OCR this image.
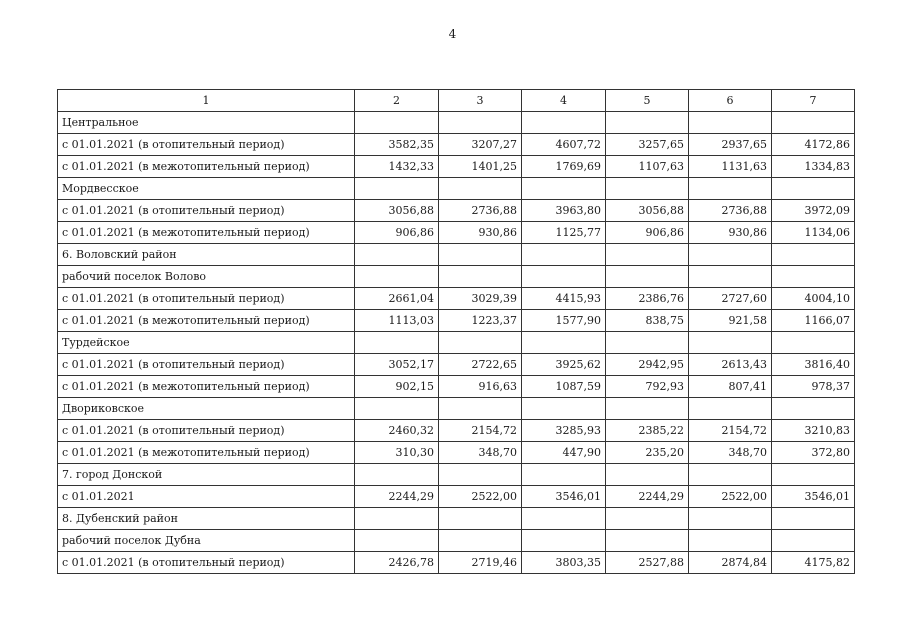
4
1	2	3	4	5	6	7
Центральное						
с 01.01.2021 (в отопительный период)	3582,35	3207,27	4607,72	3257,65	2937,65	4172,86
с 01.01.2021 (в межотопительный период)	1432,33	1401,25	1769,69	1107,63	1131,63	1334,83
Мордвесское						
с 01.01.2021 (в отопительный период)	3056,88	2736,88	3963,80	3056,88	2736,88	3972,09
с 01.01.2021 (в межотопительный период)	906,86	930,86	1125,77	906,86	930,86	1134,06
6. Воловский район						
рабочий поселок Волово						
с 01.01.2021 (в отопительный период)	2661,04	3029,39	4415,93	2386,76	2727,60	4004,10
с 01.01.2021 (в межотопительный период)	1113,03	1223,37	1577,90	838,75	921,58	1166,07
Турдейское						
с 01.01.2021 (в отопительный период)	3052,17	2722,65	3925,62	2942,95	2613,43	3816,40
с 01.01.2021 (в межотопительный период)	902,15	916,63	1087,59	792,93	807,41	978,37
Двориковское						
с 01.01.2021 (в отопительный период)	2460,32	2154,72	3285,93	2385,22	2154,72	3210,83
с 01.01.2021 (в межотопительный период)	310,30	348,70	447,90	235,20	348,70	372,80
7. город Донской						
с 01.01.2021	2244,29	2522,00	3546,01	2244,29	2522,00	3546,01
8. Дубенский район						
рабочий поселок Дубна						
с 01.01.2021 (в отопительный период)	2426,78	2719,46	3803,35	2527,88	2874,84	4175,82
